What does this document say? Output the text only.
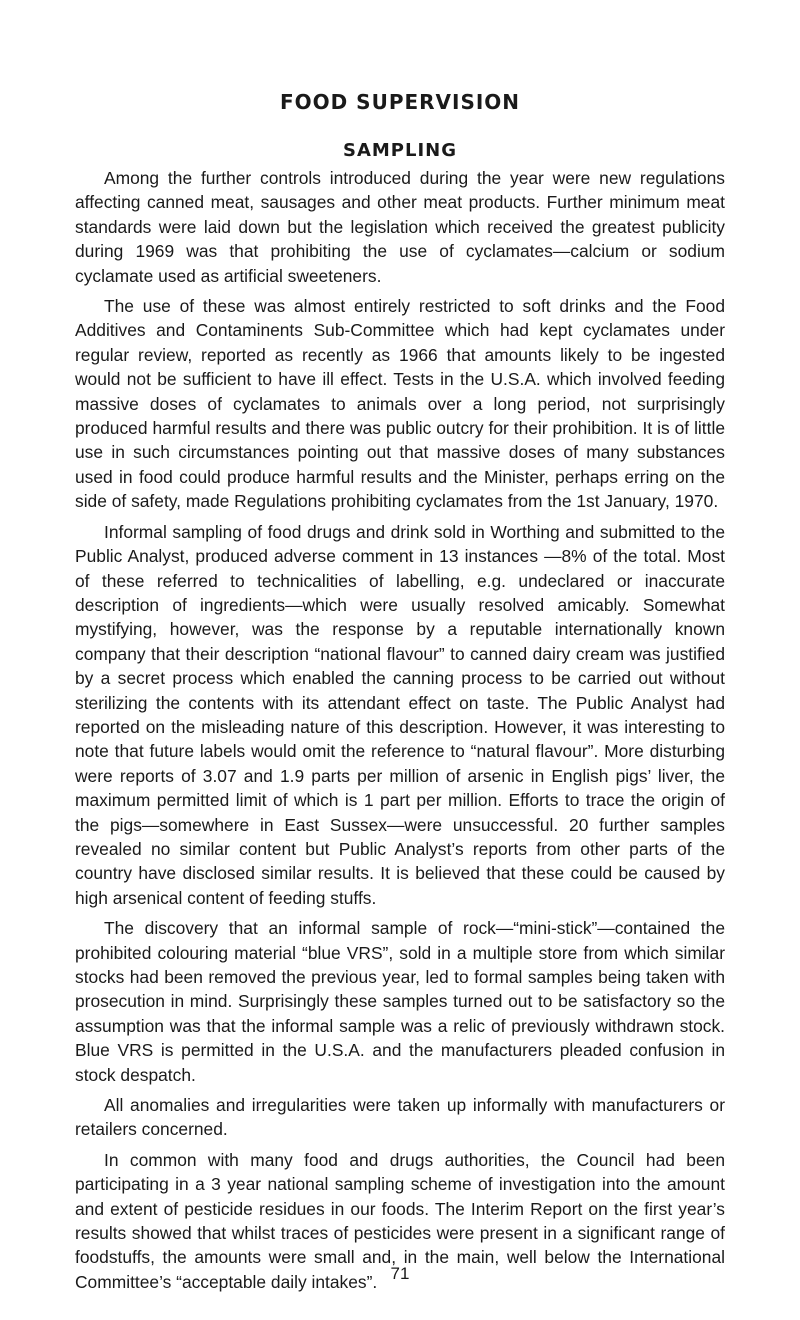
FOOD SUPERVISION
SAMPLING

Among the further controls introduced during the year were new regulations affecting canned meat, sausages and other meat products. Further minimum meat standards were laid down but the legislation which received the greatest publicity during 1969 was that prohibiting the use of cyclamates—calcium or sodium cyclamate used as artificial sweeteners.

The use of these was almost entirely restricted to soft drinks and the Food Additives and Contaminents Sub-Committee which had kept cyclamates under regular review, reported as recently as 1966 that amounts likely to be ingested would not be sufficient to have ill effect. Tests in the U.S.A. which involved feeding massive doses of cyclamates to animals over a long period, not surprisingly produced harmful results and there was public outcry for their prohibition. It is of little use in such circumstances pointing out that massive doses of many substances used in food could produce harmful results and the Minister, perhaps erring on the side of safety, made Regulations prohibiting cyclamates from the 1st January, 1970.

Informal sampling of food drugs and drink sold in Worthing and submitted to the Public Analyst, produced adverse comment in 13 instances —8% of the total. Most of these referred to technicalities of labelling, e.g. undeclared or inaccurate description of ingredients—which were usually resolved amicably. Somewhat mystifying, however, was the response by a reputable internationally known company that their description “national flavour” to canned dairy cream was justified by a secret process which enabled the canning process to be carried out without sterilizing the contents with its attendant effect on taste. The Public Analyst had reported on the misleading nature of this description. However, it was interesting to note that future labels would omit the reference to “natural flavour”. More disturbing were reports of 3.07 and 1.9 parts per million of arsenic in English pigs’ liver, the maximum permitted limit of which is 1 part per million. Efforts to trace the origin of the pigs—somewhere in East Sussex—were unsuccessful. 20 further samples revealed no similar content but Public Analyst’s reports from other parts of the country have disclosed similar results. It is believed that these could be caused by high arsenical content of feeding stuffs.

The discovery that an informal sample of rock—“mini-stick”—contained the prohibited colouring material “blue VRS”, sold in a multiple store from which similar stocks had been removed the previous year, led to formal samples being taken with prosecution in mind. Surprisingly these samples turned out to be satisfactory so the assumption was that the informal sample was a relic of previously withdrawn stock. Blue VRS is permitted in the U.S.A. and the manufacturers pleaded confusion in stock despatch.

All anomalies and irregularities were taken up informally with manufacturers or retailers concerned.

In common with many food and drugs authorities, the Council had been participating in a 3 year national sampling scheme of investigation into the amount and extent of pesticide residues in our foods. The Interim Report on the first year’s results showed that whilst traces of pesticides were present in a significant range of foodstuffs, the amounts were small and, in the main, well below the International Committee’s “acceptable daily intakes”. 71
